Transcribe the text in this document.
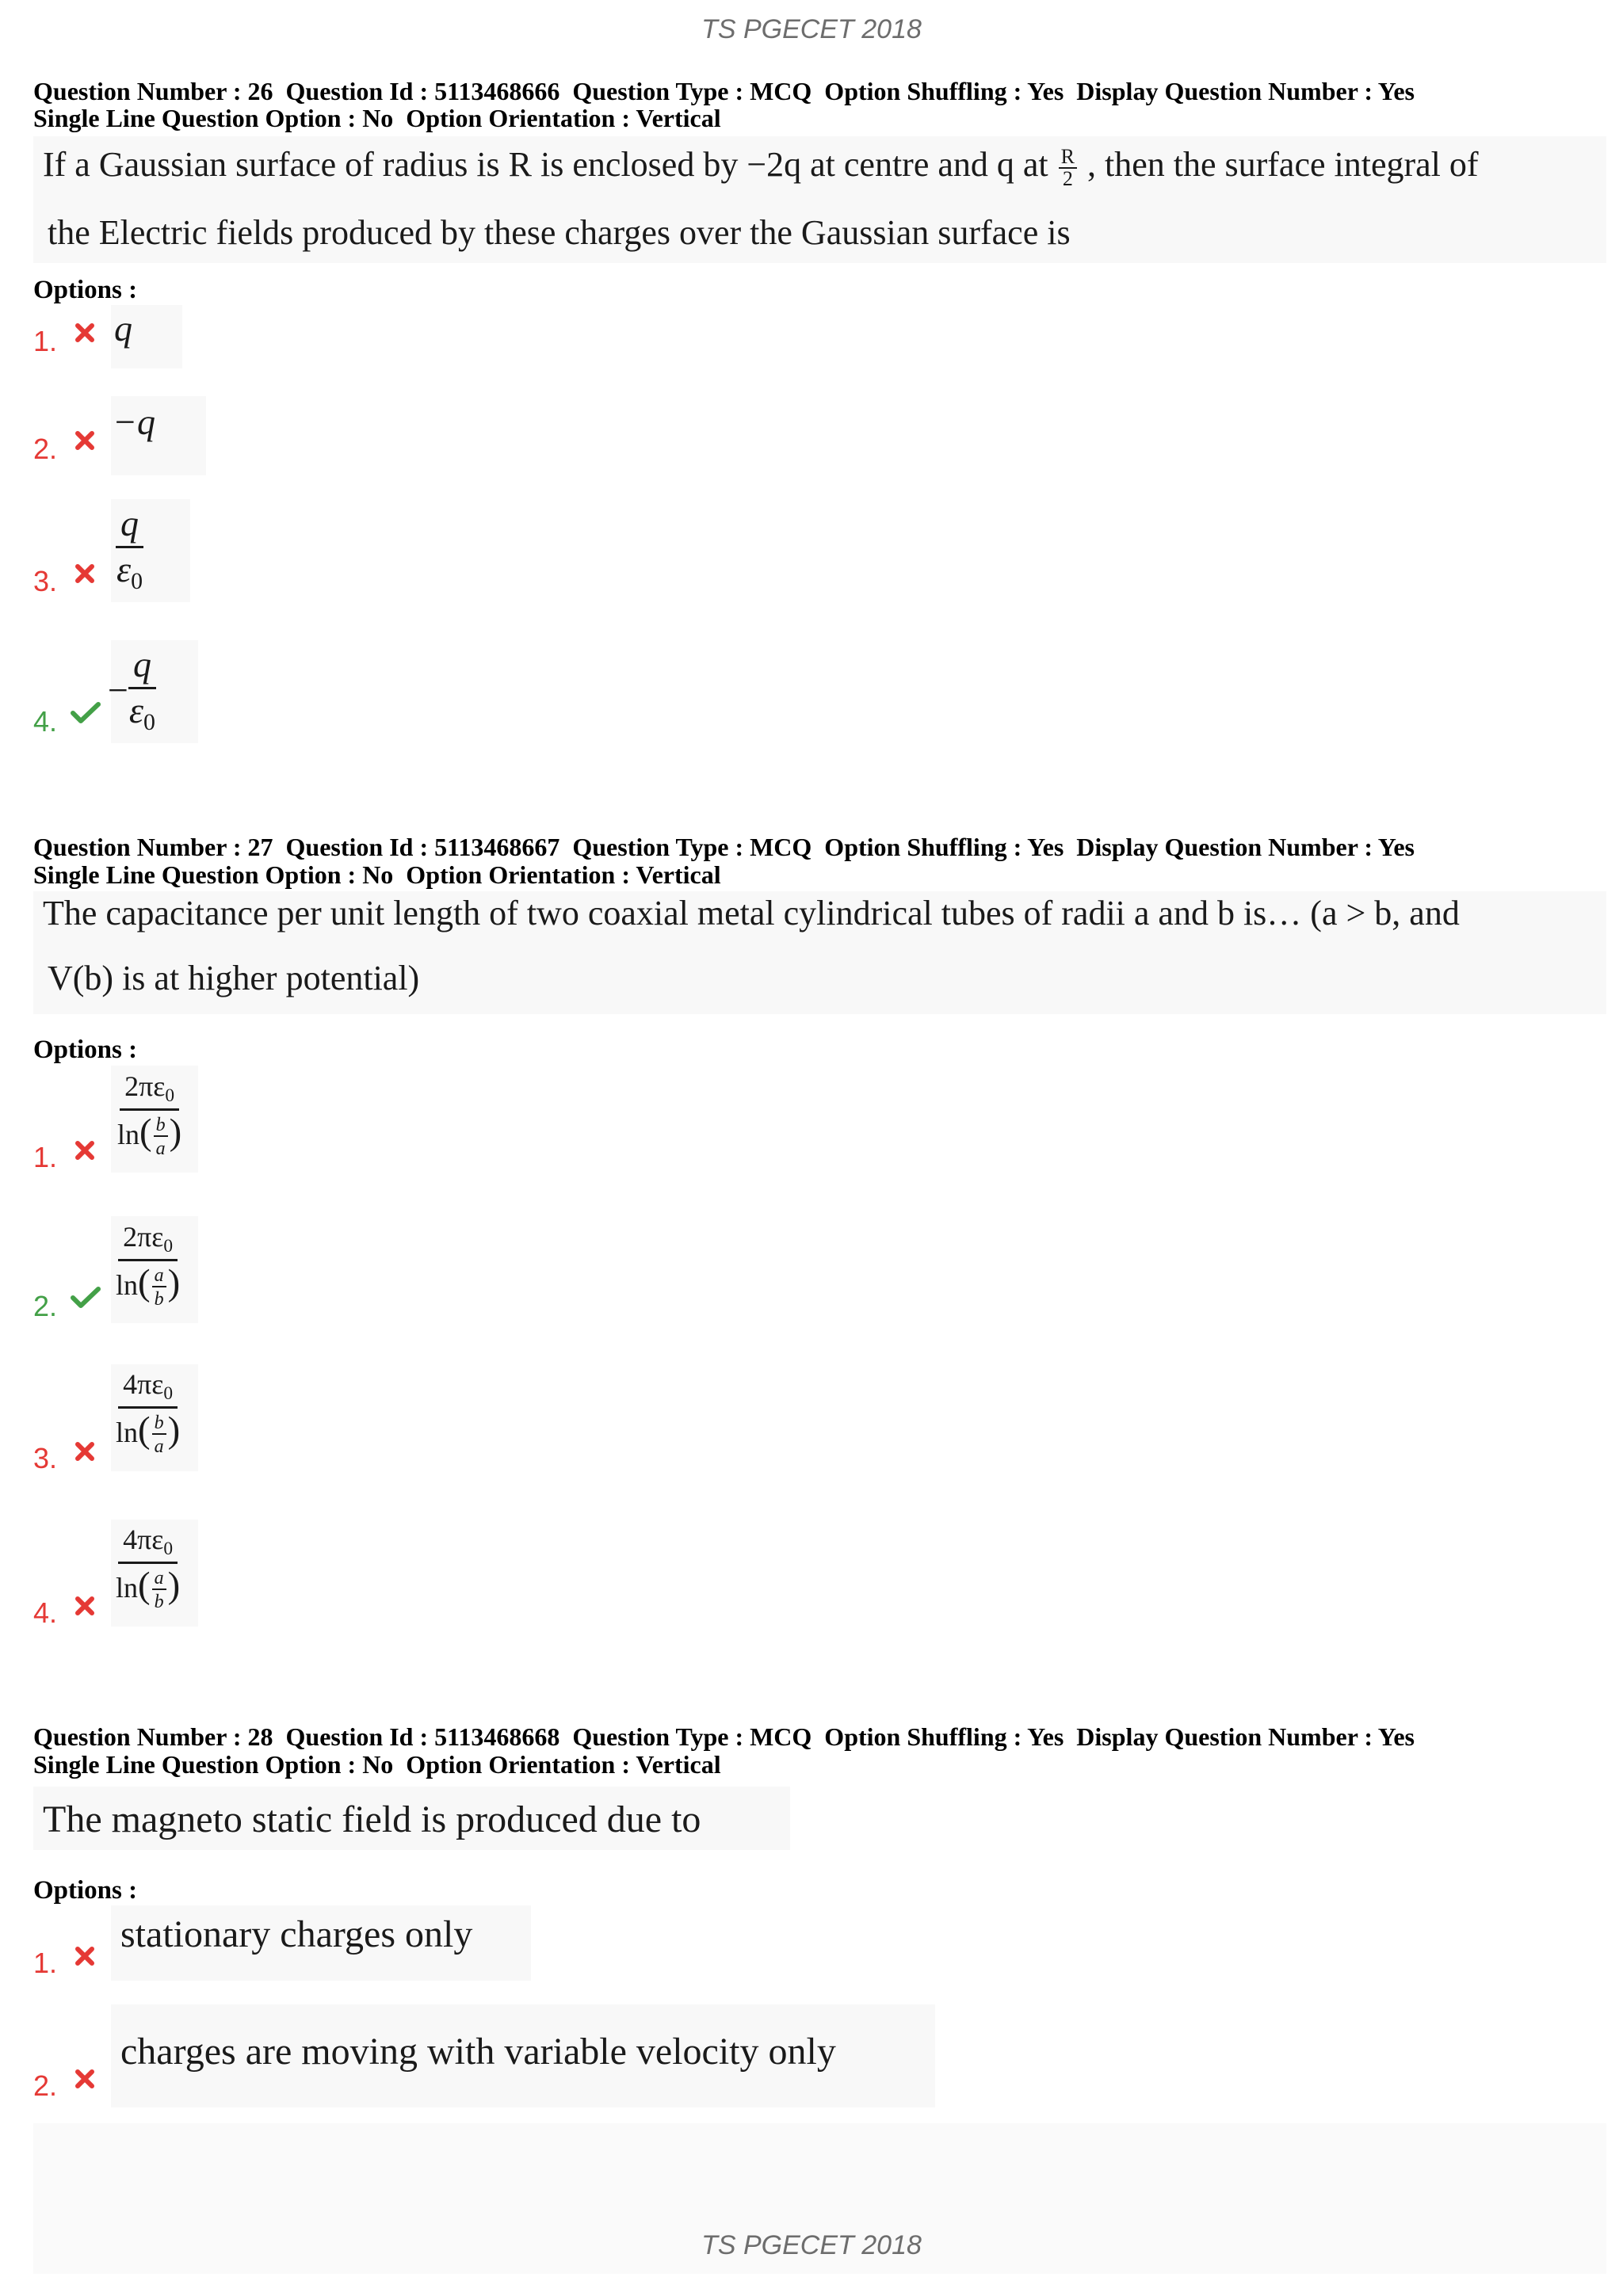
TS PGECET 2018
Question Number : 26  Question Id : 5113468666  Question Type : MCQ  Option Shuffling : Yes  Display Question Number : Yes
Single Line Question Option : No  Option Orientation : Vertical
If a Gaussian surface of radius is R is enclosed by −2q at centre and q at $\frac{R}{2}$ , then the surface integral of
the Electric fields produced by these charges over the Gaussian surface is
Options :
1. q
2.
−q
3. $\frac{q}{\varepsilon_0}$
4.
− $\frac{q}{\varepsilon_0}$
Question Number : 27  Question Id : 5113468667  Question Type : MCQ  Option Shuffling : Yes  Display Question Number : Yes
Single Line Question Option : No  Option Orientation : Vertical
The capacitance per unit length of two coaxial metal cylindrical tubes of radii a and b is… (a > b, and
V(b) is at higher potential)
Options :
1. $\frac{2\pi\varepsilon_0}{\ln( \frac{b}{a} )}$
2. $\frac{2\pi\varepsilon_0}{\ln( \frac{a}{b} )}$
3.
$\frac{4\pi\varepsilon_0}{\ln( \frac{b}{a} )}$
4. $\frac{4\pi\varepsilon_0}{\ln( \frac{a}{b} )}$
Question Number : 28  Question Id : 5113468668  Question Type : MCQ  Option Shuffling : Yes  Display Question Number : Yes
Single Line Question Option : No  Option Orientation : Vertical
The magneto static field is produced due to
Options :
1.
stationary charges only
2.
charges are moving with variable velocity only
TS PGECET 2018
